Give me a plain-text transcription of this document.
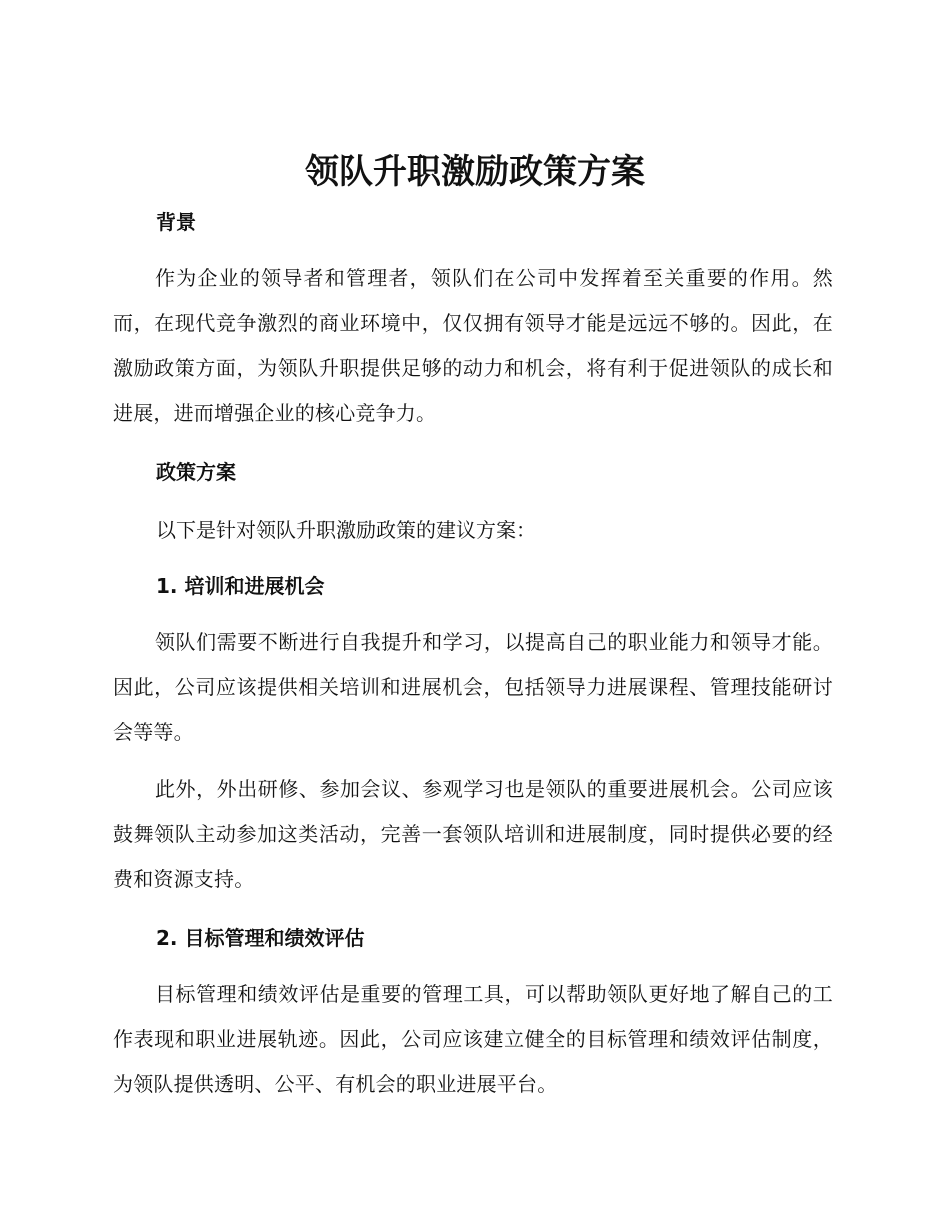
领队升职激励政策方案
背景

作为企业的领导者和管理者，领队们在公司中发挥着至关重要的作用。然而，在现代竞争激烈的商业环境中，仅仅拥有领导才能是远远不够的。因此，在激励政策方面，为领队升职提供足够的动力和机会，将有利于促进领队的成长和进展，进而增强企业的核心竞争力。

政策方案

以下是针对领队升职激励政策的建议方案：

1. 培训和进展机会

领队们需要不断进行自我提升和学习，以提高自己的职业能力和领导才能。因此，公司应该提供相关培训和进展机会，包括领导力进展课程、管理技能研讨会等等。

此外，外出研修、参加会议、参观学习也是领队的重要进展机会。公司应该鼓舞领队主动参加这类活动，完善一套领队培训和进展制度，同时提供必要的经费和资源支持。

2. 目标管理和绩效评估

目标管理和绩效评估是重要的管理工具，可以帮助领队更好地了解自己的工作表现和职业进展轨迹。因此，公司应该建立健全的目标管理和绩效评估制度，为领队提供透明、公平、有机会的职业进展平台。
